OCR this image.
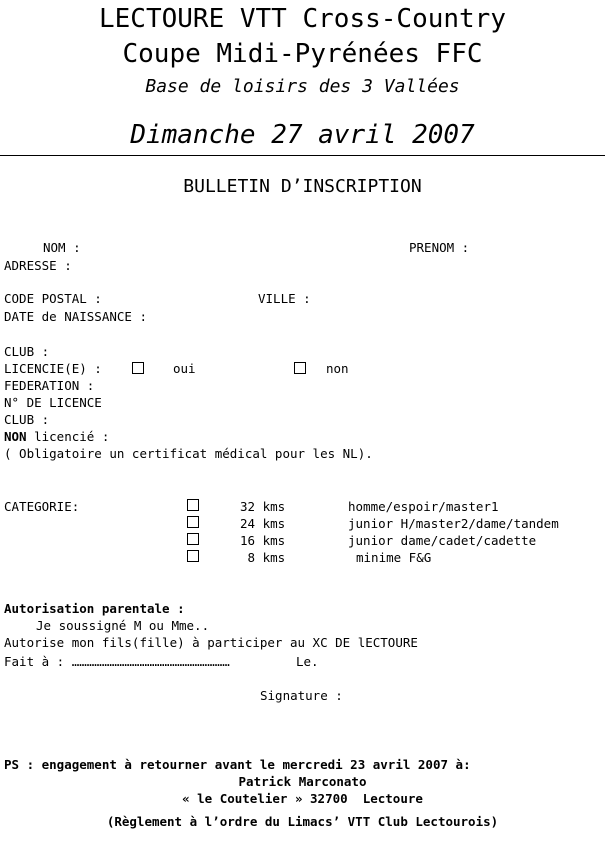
LECTOURE VTT Cross-Country
Coupe Midi-Pyrénées FFC
Base de loisirs des 3 Vallées
Dimanche 27 avril 2007
BULLETIN D’INSCRIPTION
NOM :	PRENOM :
ADRESSE :
CODE POSTAL :	VILLE :
DATE de NAISSANCE :
CLUB :
LICENCIE(E) :	oui	non
FEDERATION :
N° DE LICENCE
CLUB :
NON licencié :
( Obligatoire un certificat médical pour les NL).
CATEGORIE:	32 kms	homme/espoir/master1
24 kms	junior H/master2/dame/tandem
16 kms	junior dame/cadet/cadette
8 kms	minime F&G
Autorisation parentale :
Je soussigné M ou Mme..
Autorise mon fils(fille) à participer au XC DE lECTOURE
Fait à : ………………………………………………………	Le.
Signature :
PS : engagement à retourner avant le mercredi 23 avril 2007 à:
Patrick Marconato
« le Coutelier » 32700  Lectoure
(Règlement à l’ordre du Limacs’ VTT Club Lectourois)
